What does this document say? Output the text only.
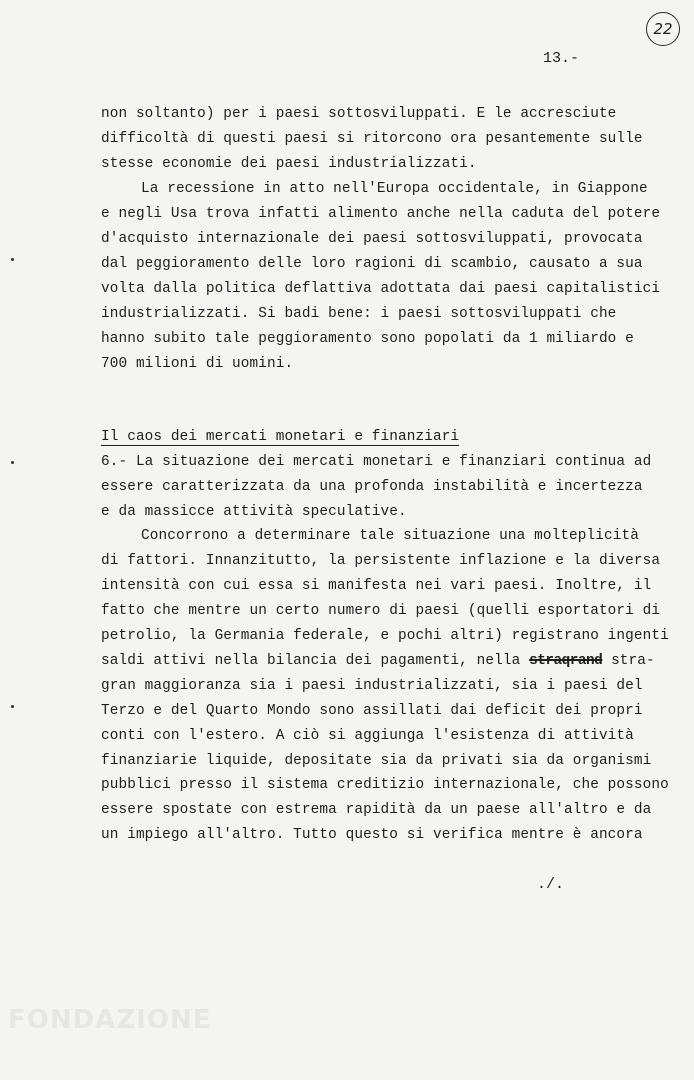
22
13.-
non soltanto) per i paesi sottosviluppati. E le accresciute
difficoltà di questi paesi si ritorcono ora pesantemente sulle
stesse economie dei paesi industrializzati.
La recessione in atto nell'Europa occidentale, in Giappone
e negli Usa trova infatti alimento anche nella caduta del potere
d'acquisto internazionale dei paesi sottosviluppati, provocata
dal peggioramento delle loro ragioni di scambio, causato a sua
volta dalla politica deflattiva adottata dai paesi capitalistici
industrializzati. Si badi bene: i paesi sottosviluppati che
hanno subito tale peggioramento sono popolati da 1 miliardo e
700 milioni di uomini.
Il caos dei mercati monetari e finanziari
6.- La situazione dei mercati monetari e finanziari continua ad
essere caratterizzata da una profonda instabilità e incertezza
e da massicce attività speculative.
Concorrono a determinare tale situazione una molteplicità
di fattori. Innanzitutto, la persistente inflazione e la diversa
intensità con cui essa si manifesta nei vari paesi. Inoltre, il
fatto che mentre un certo numero di paesi (quelli esportatori di
petrolio, la Germania federale, e pochi altri) registrano ingenti
saldi attivi nella bilancia dei pagamenti, nella straqrand stra-
gran maggioranza sia i paesi industrializzati, sia i paesi del
Terzo e del Quarto Mondo sono assillati dai deficit dei propri
conti con l'estero. A ciò si aggiunga l'esistenza di attività
finanziarie liquide, depositate sia da privati sia da organismi
pubblici presso il sistema creditizio internazionale, che possono
essere spostate con estrema rapidità da un paese all'altro e da
un impiego all'altro. Tutto questo si verifica mentre è ancora
./.
FONDAZIONE
